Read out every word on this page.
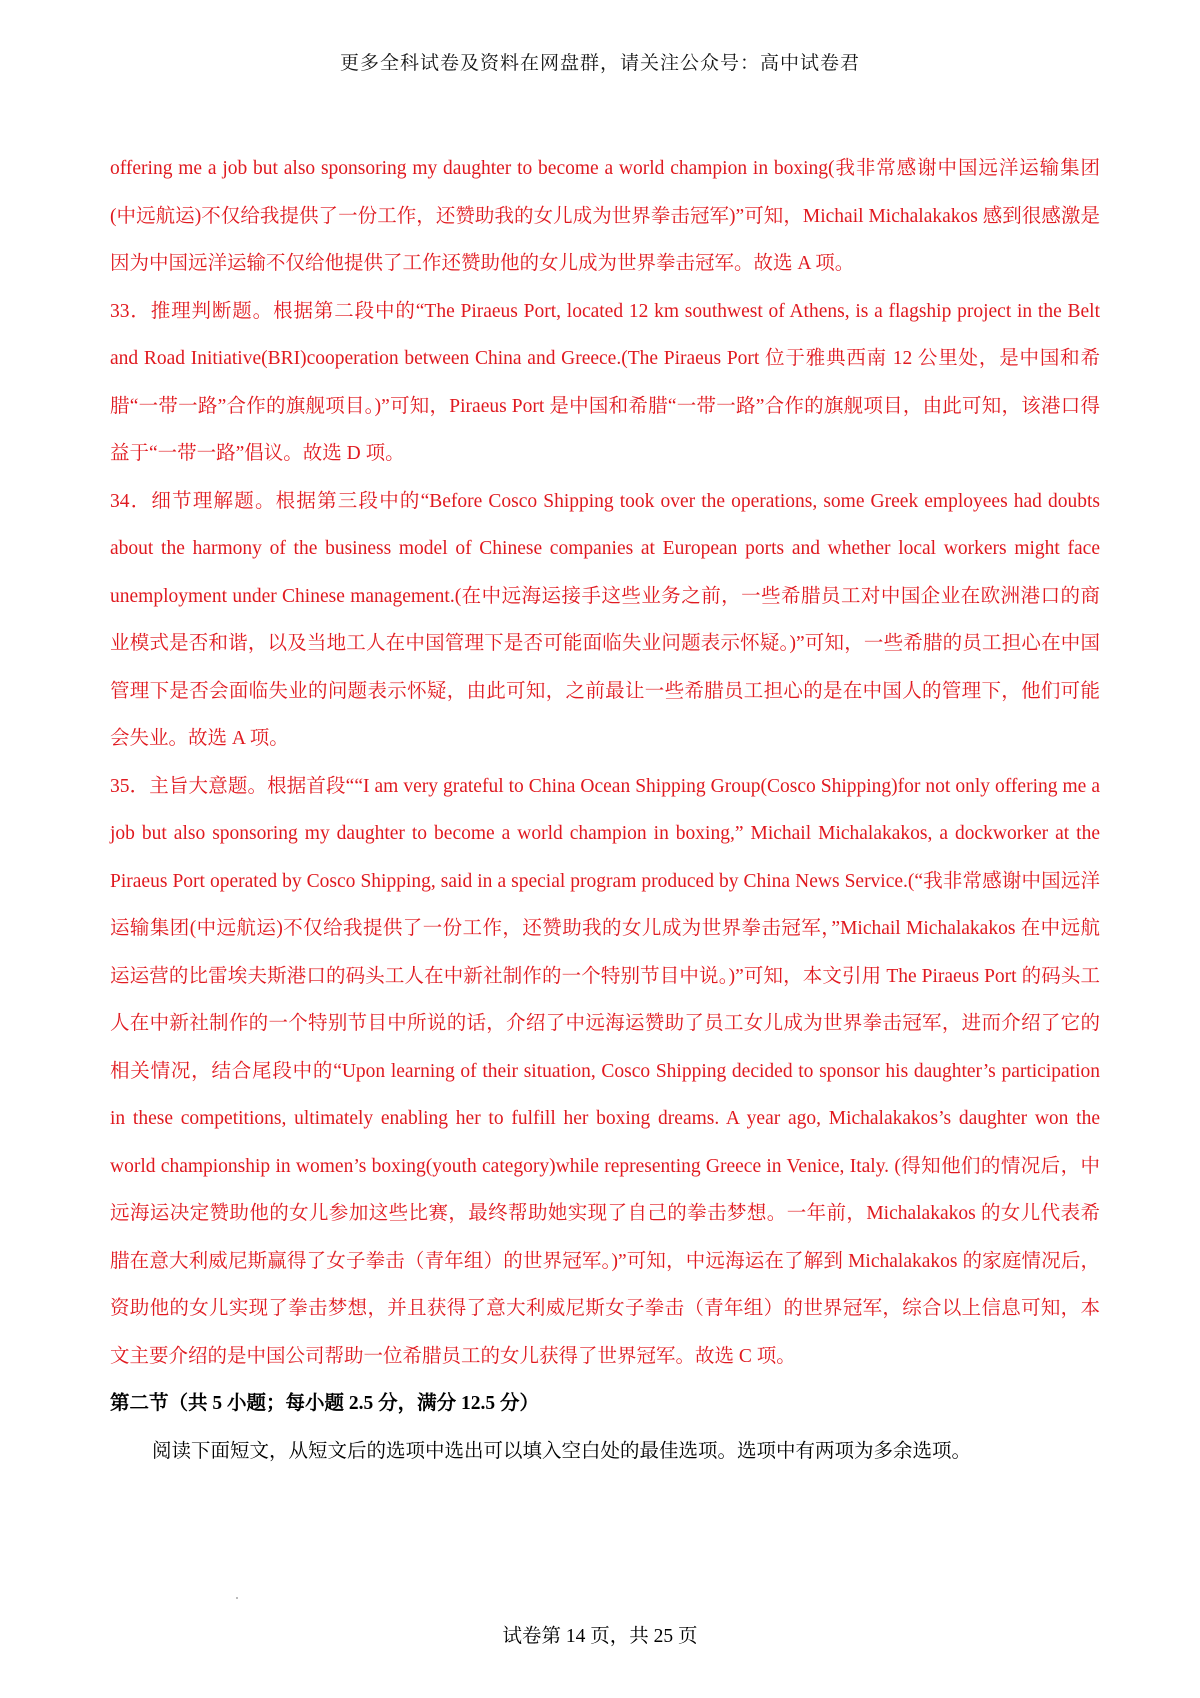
更多全科试卷及资料在网盘群，请关注公众号：高中试卷君

offering me a job but also sponsoring my daughter to become a world champion in boxing(我非常感谢中国远洋运输集团(中远航运)不仅给我提供了一份工作，还赞助我的女儿成为世界拳击冠军)”可知，Michail Michalakakos 感到很感激是因为中国远洋运输不仅给他提供了工作还赞助他的女儿成为世界拳击冠军。故选 A 项。

33．推理判断题。根据第二段中的“The Piraeus Port, located 12 km southwest of Athens, is a flagship project in the Belt and Road Initiative(BRI)cooperation between China and Greece.(The Piraeus Port 位于雅典西南 12 公里处，是中国和希腊“一带一路”合作的旗舰项目。)”可知，Piraeus Port 是中国和希腊“一带一路”合作的旗舰项目，由此可知，该港口得益于“一带一路”倡议。故选 D 项。

34．细节理解题。根据第三段中的“Before Cosco Shipping took over the operations, some Greek employees had doubts about the harmony of the business model of Chinese companies at European ports and whether local workers might face unemployment under Chinese management.(在中远海运接手这些业务之前，一些希腊员工对中国企业在欧洲港口的商业模式是否和谐，以及当地工人在中国管理下是否可能面临失业问题表示怀疑。)”可知，一些希腊的员工担心在中国管理下是否会面临失业的问题表示怀疑，由此可知，之前最让一些希腊员工担心的是在中国人的管理下，他们可能会失业。故选 A 项。

35．主旨大意题。根据首段““I am very grateful to China Ocean Shipping Group(Cosco Shipping)for not only offering me a job but also sponsoring my daughter to become a world champion in boxing,” Michail Michalakakos, a dockworker at the Piraeus Port operated by Cosco Shipping, said in a special program produced by China News Service.(“我非常感谢中国远洋运输集团(中远航运)不仅给我提供了一份工作，还赞助我的女儿成为世界拳击冠军，”Michail Michalakakos 在中远航运运营的比雷埃夫斯港口的码头工人在中新社制作的一个特别节目中说。)”可知，本文引用 The Piraeus Port 的码头工人在中新社制作的一个特别节目中所说的话，介绍了中远海运赞助了员工女儿成为世界拳击冠军，进而介绍了它的相关情况，结合尾段中的“Upon learning of their situation, Cosco Shipping decided to sponsor his daughter’s participation in these competitions, ultimately enabling her to fulfill her boxing dreams. A year ago, Michalakakos’s daughter won the world championship in women’s boxing(youth category)while representing Greece in Venice, Italy. (得知他们的情况后，中远海运决定赞助他的女儿参加这些比赛，最终帮助她实现了自己的拳击梦想。一年前，Michalakakos 的女儿代表希腊在意大利威尼斯赢得了女子拳击（青年组）的世界冠军。)”可知，中远海运在了解到 Michalakakos 的家庭情况后，资助他的女儿实现了拳击梦想，并且获得了意大利威尼斯女子拳击（青年组）的世界冠军，综合以上信息可知，本文主要介绍的是中国公司帮助一位希腊员工的女儿获得了世界冠军。故选 C 项。

第二节（共 5 小题；每小题 2.5 分，满分 12.5 分）

阅读下面短文，从短文后的选项中选出可以填入空白处的最佳选项。选项中有两项为多余选项。

试卷第 14 页，共 25 页
